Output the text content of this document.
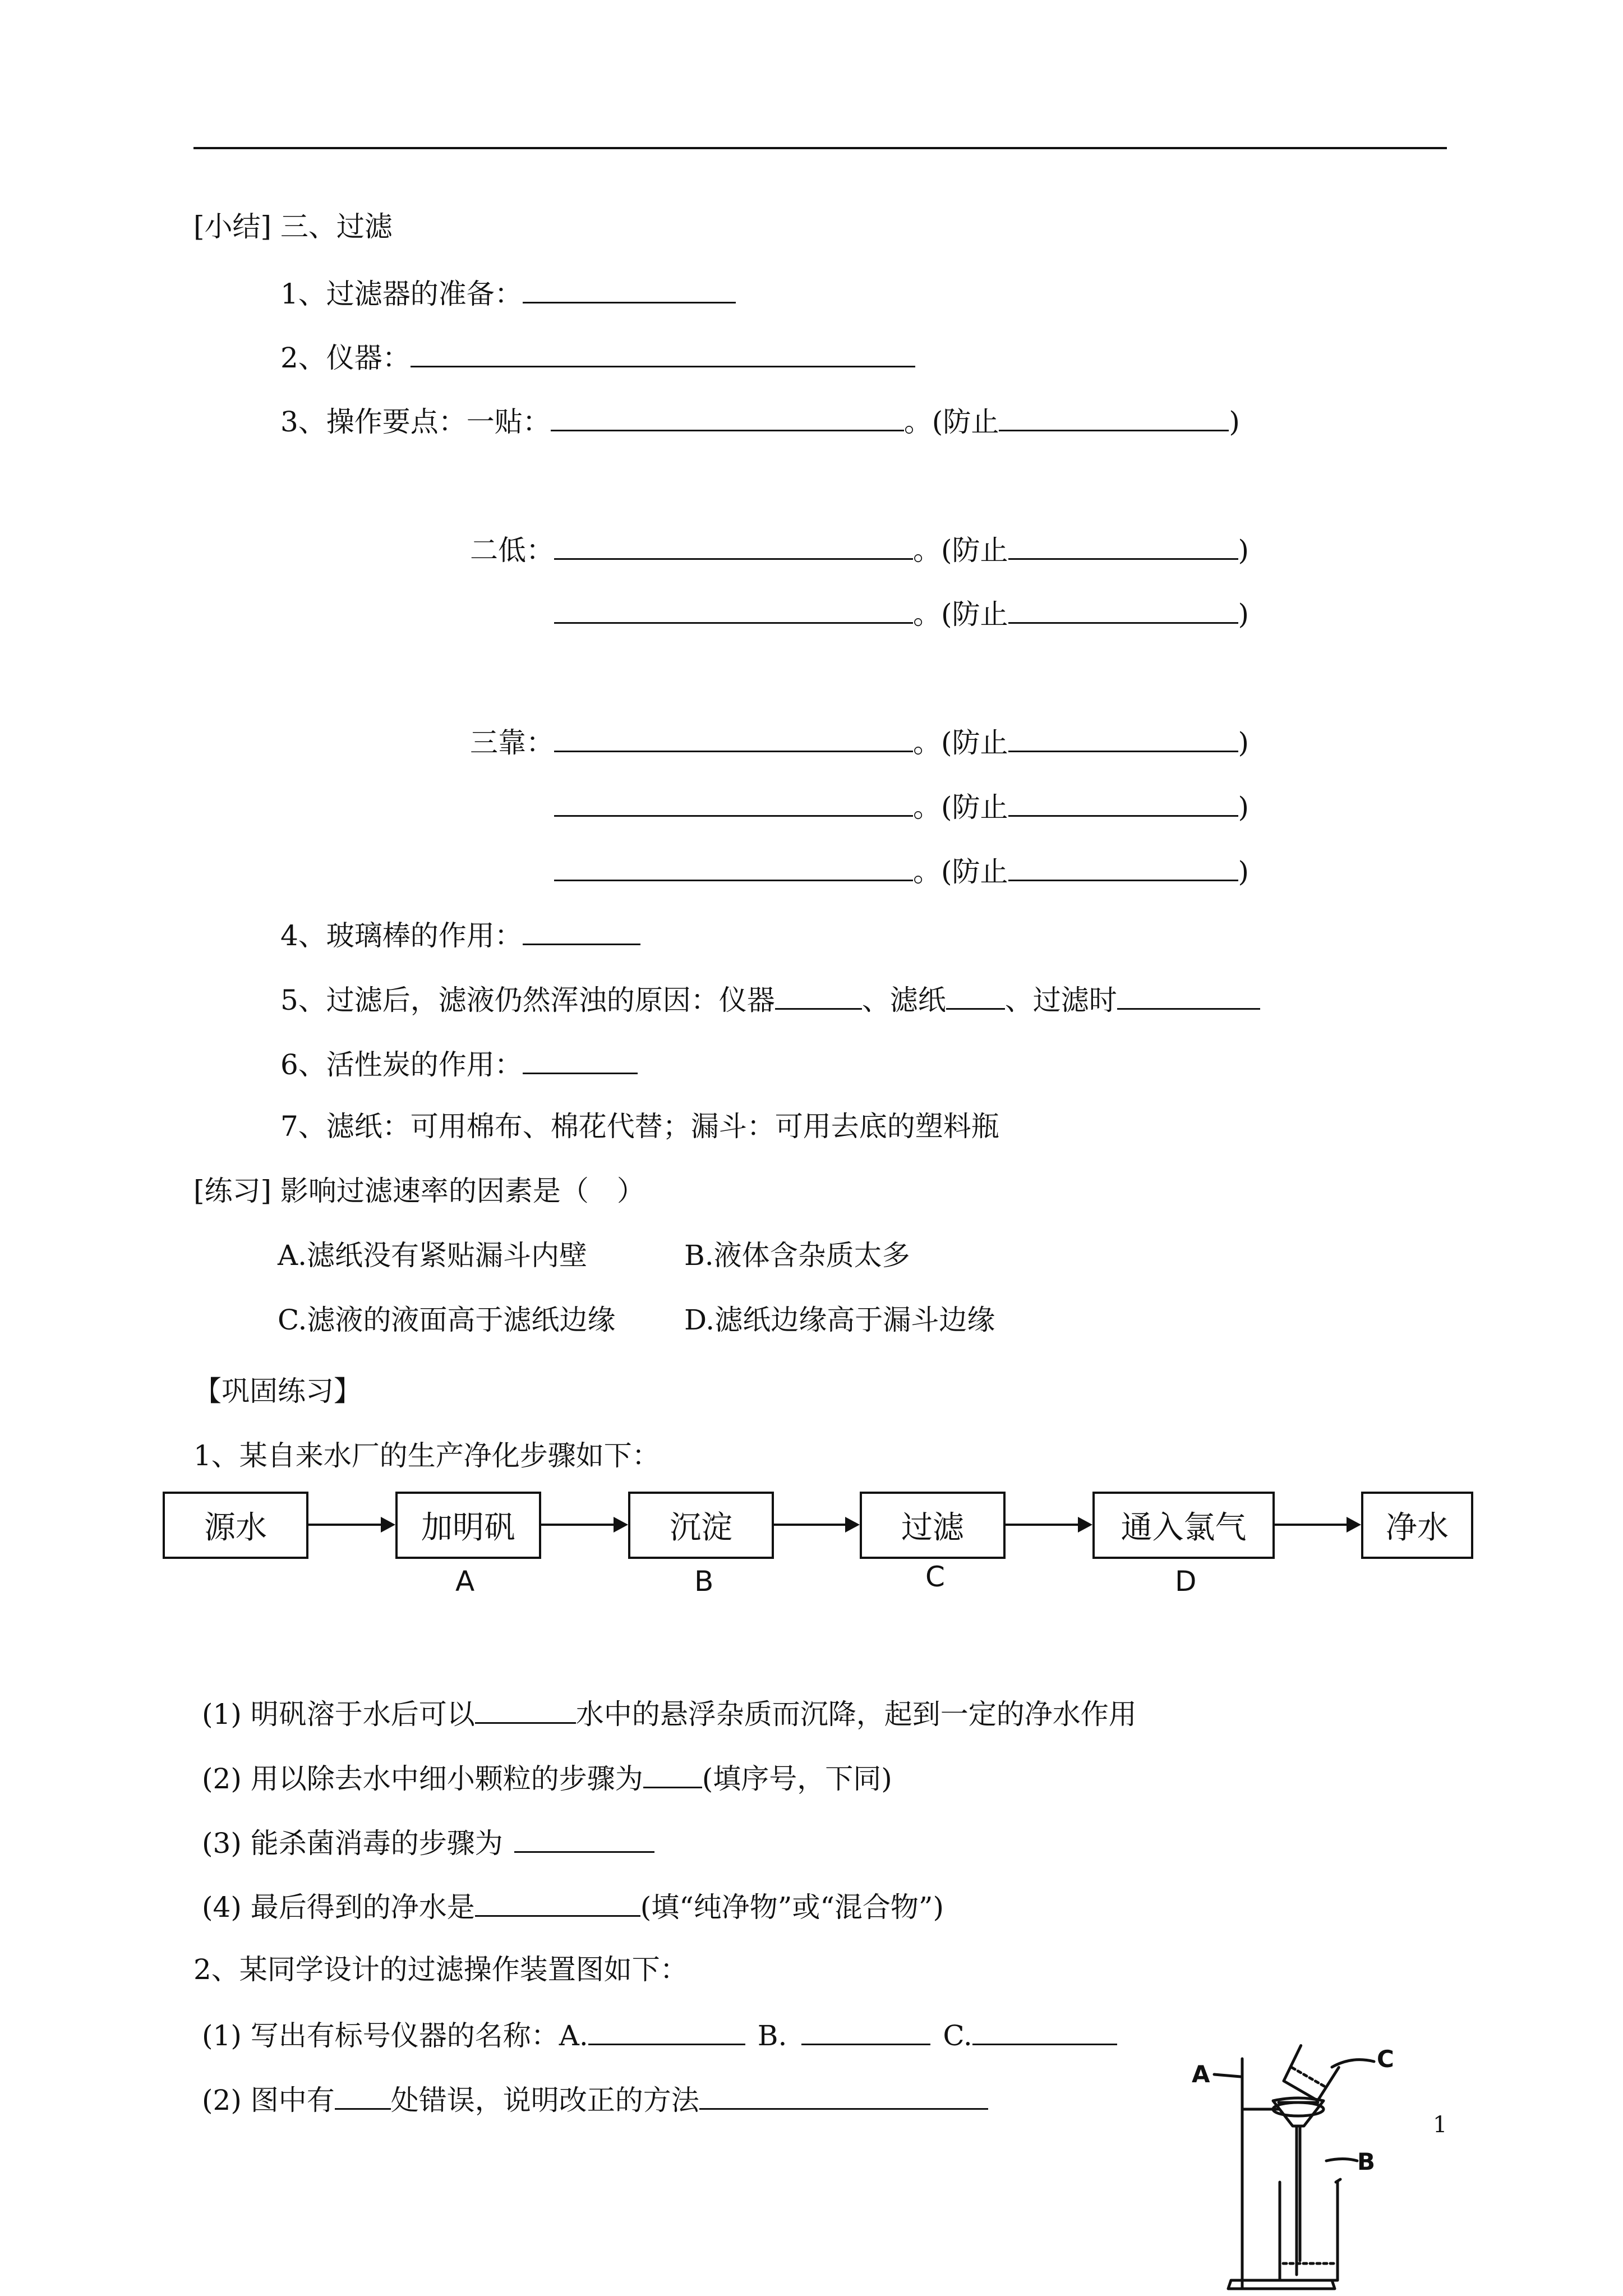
[小结] 三、过滤
1、过滤器的准备：
2、仪器：
3、操作要点：一贴：	。(防止	)
二低：	。(防止	)
。(防止	)
三靠：	。(防止	)
。(防止	)
。(防止	)
4、玻璃棒的作用：
5、过滤后，滤液仍然浑浊的原因：仪器	、滤纸 、过滤时
6、活性炭的作用：
7、滤纸：可用棉布、棉花代替；漏斗：可用去底的塑料瓶
[练习] 影响过滤速率的因素是（　）
A.滤纸没有紧贴漏斗内壁	B.液体含杂质太多
C.滤液的液面高于滤纸边缘 D.滤纸边缘高于漏斗边缘
【巩固练习】
1、某自来水厂的生产净化步骤如下：
源水	加明矾	沉淀	过滤	通入氯气	净水
A	B	C	D
(1) 明矾溶于水后可以	水中的悬浮杂质而沉降，起到一定的净水作用
(2) 用以除去水中细小颗粒的步骤为 (填序号，下同)
(3) 能杀菌消毒的步骤为
(4) 最后得到的净水是	(填“纯净物”或“混合物”)
2、某同学设计的过滤操作装置图如下：
(1) 写出有标号仪器的名称：A.	B.	C.
(2) 图中有 处错误，说明改正的方法
A
C
B
1
